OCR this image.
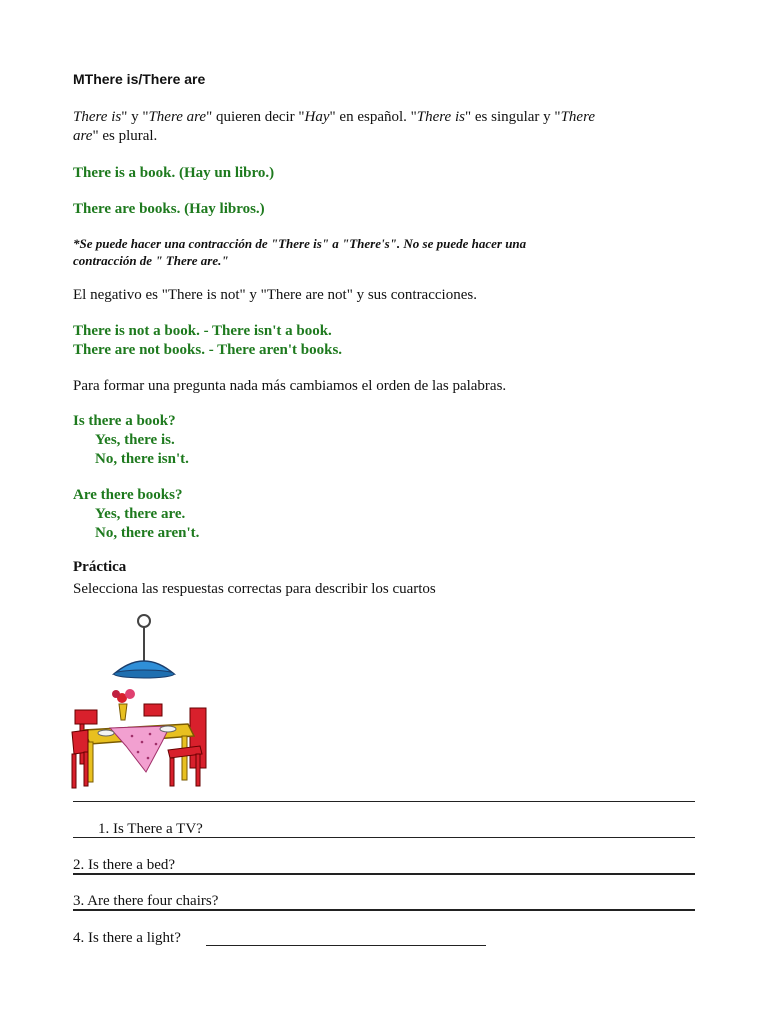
MThere is/There are
There is" y "There are" quieren decir "Hay" en español. "There is" es singular y "There
are" es plural.
There is a book. (Hay un libro.)
There are books. (Hay libros.)
*Se puede hacer una contracción de "There is" a "There's". No se puede hacer una
contracción de " There are."
El negativo es "There is not" y "There are not" y sus contracciones.
There is not a book. - There isn't a book.
There are not books. - There aren't books.
Para formar una pregunta nada más cambiamos el orden de las palabras.
Is there a book?
Yes, there is.
No, there isn't.
Are there books?
Yes, there are.
No, there aren't.
Práctica
Selecciona las respuestas correctas para describir los cuartos
1. Is There a TV?
2. Is there a bed?
3. Are there four chairs?
4. Is there a light?
